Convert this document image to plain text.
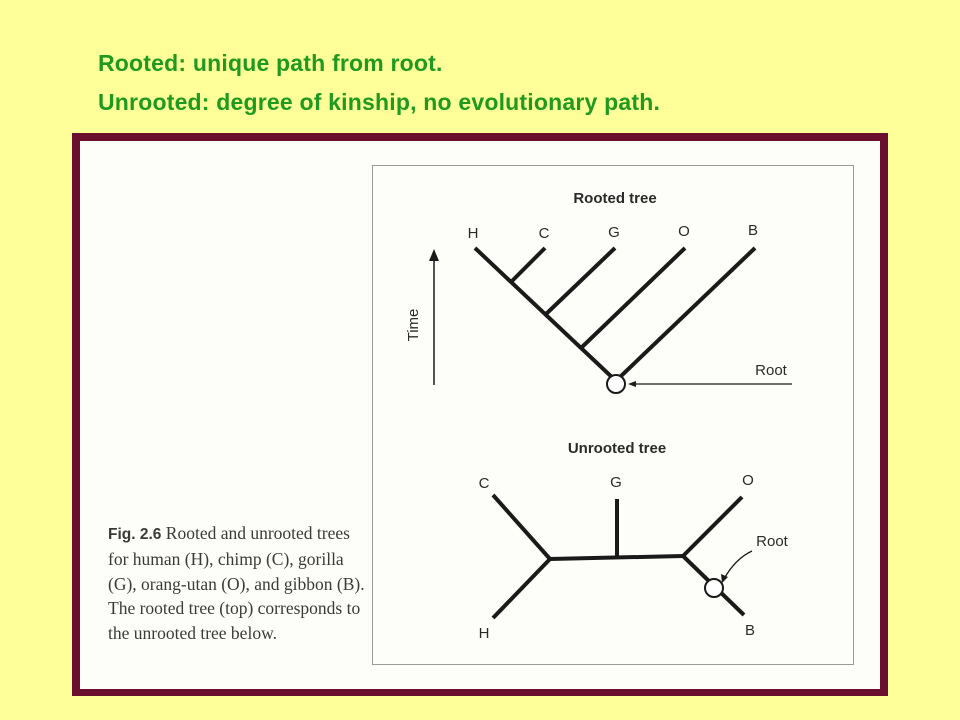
Rooted: unique path from root.
Unrooted: degree of kinship, no evolutionary path.
Rooted tree
H	C	G	O	B
Time
Root
Unrooted tree
C	G	O
H	B
Root
Fig. 2.6 Rooted and unrooted trees for human (H), chimp (C), gorilla (G), orang-utan (O), and gibbon (B). The rooted tree (top) corresponds to the unrooted tree below.
